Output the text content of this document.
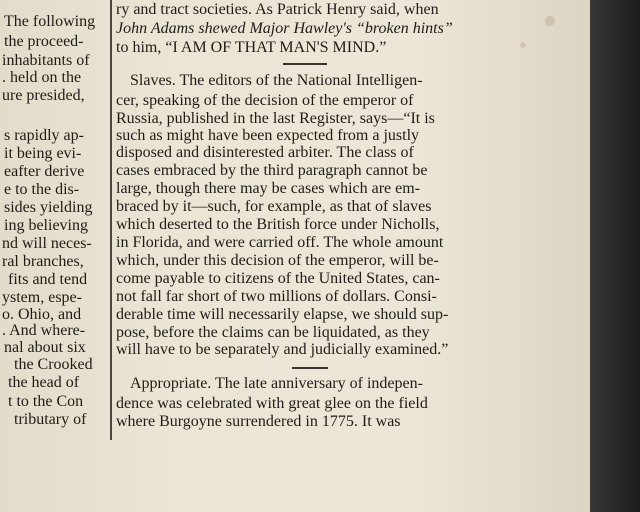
The following
the proceed-
inhabitants of
. held on the
ure presided,
s rapidly ap-
it being evi-
eafter derive
e to the dis-
sides yielding
ing believing
nd will neces-
ral branches,
fits and tend
ystem, espe-
o. Ohio, and
. And where-
nal about six
the Crooked
the head of
t to the Con
tributary of
ry and tract societies. As Patrick Henry said, when
John Adams shewed Major Hawley's “broken hints”
to him, “I AM OF THAT MAN'S MIND.”
Slaves. The editors of the National Intelligen-
cer, speaking of the decision of the emperor of
Russia, published in the last Register, says—“It is
such as might have been expected from a justly
disposed and disinterested arbiter. The class of
cases embraced by the third paragraph cannot be
large, though there may be cases which are em-
braced by it—such, for example, as that of slaves
which deserted to the British force under Nicholls,
in Florida, and were carried off. The whole amount
which, under this decision of the emperor, will be-
come payable to citizens of the United States, can-
not fall far short of two millions of dollars. Consi-
derable time will necessarily elapse, we should sup-
pose, before the claims can be liquidated, as they
will have to be separately and judicially examined.”
Appropriate. The late anniversary of indepen-
dence was celebrated with great glee on the field
where Burgoyne surrendered in 1775. It was
